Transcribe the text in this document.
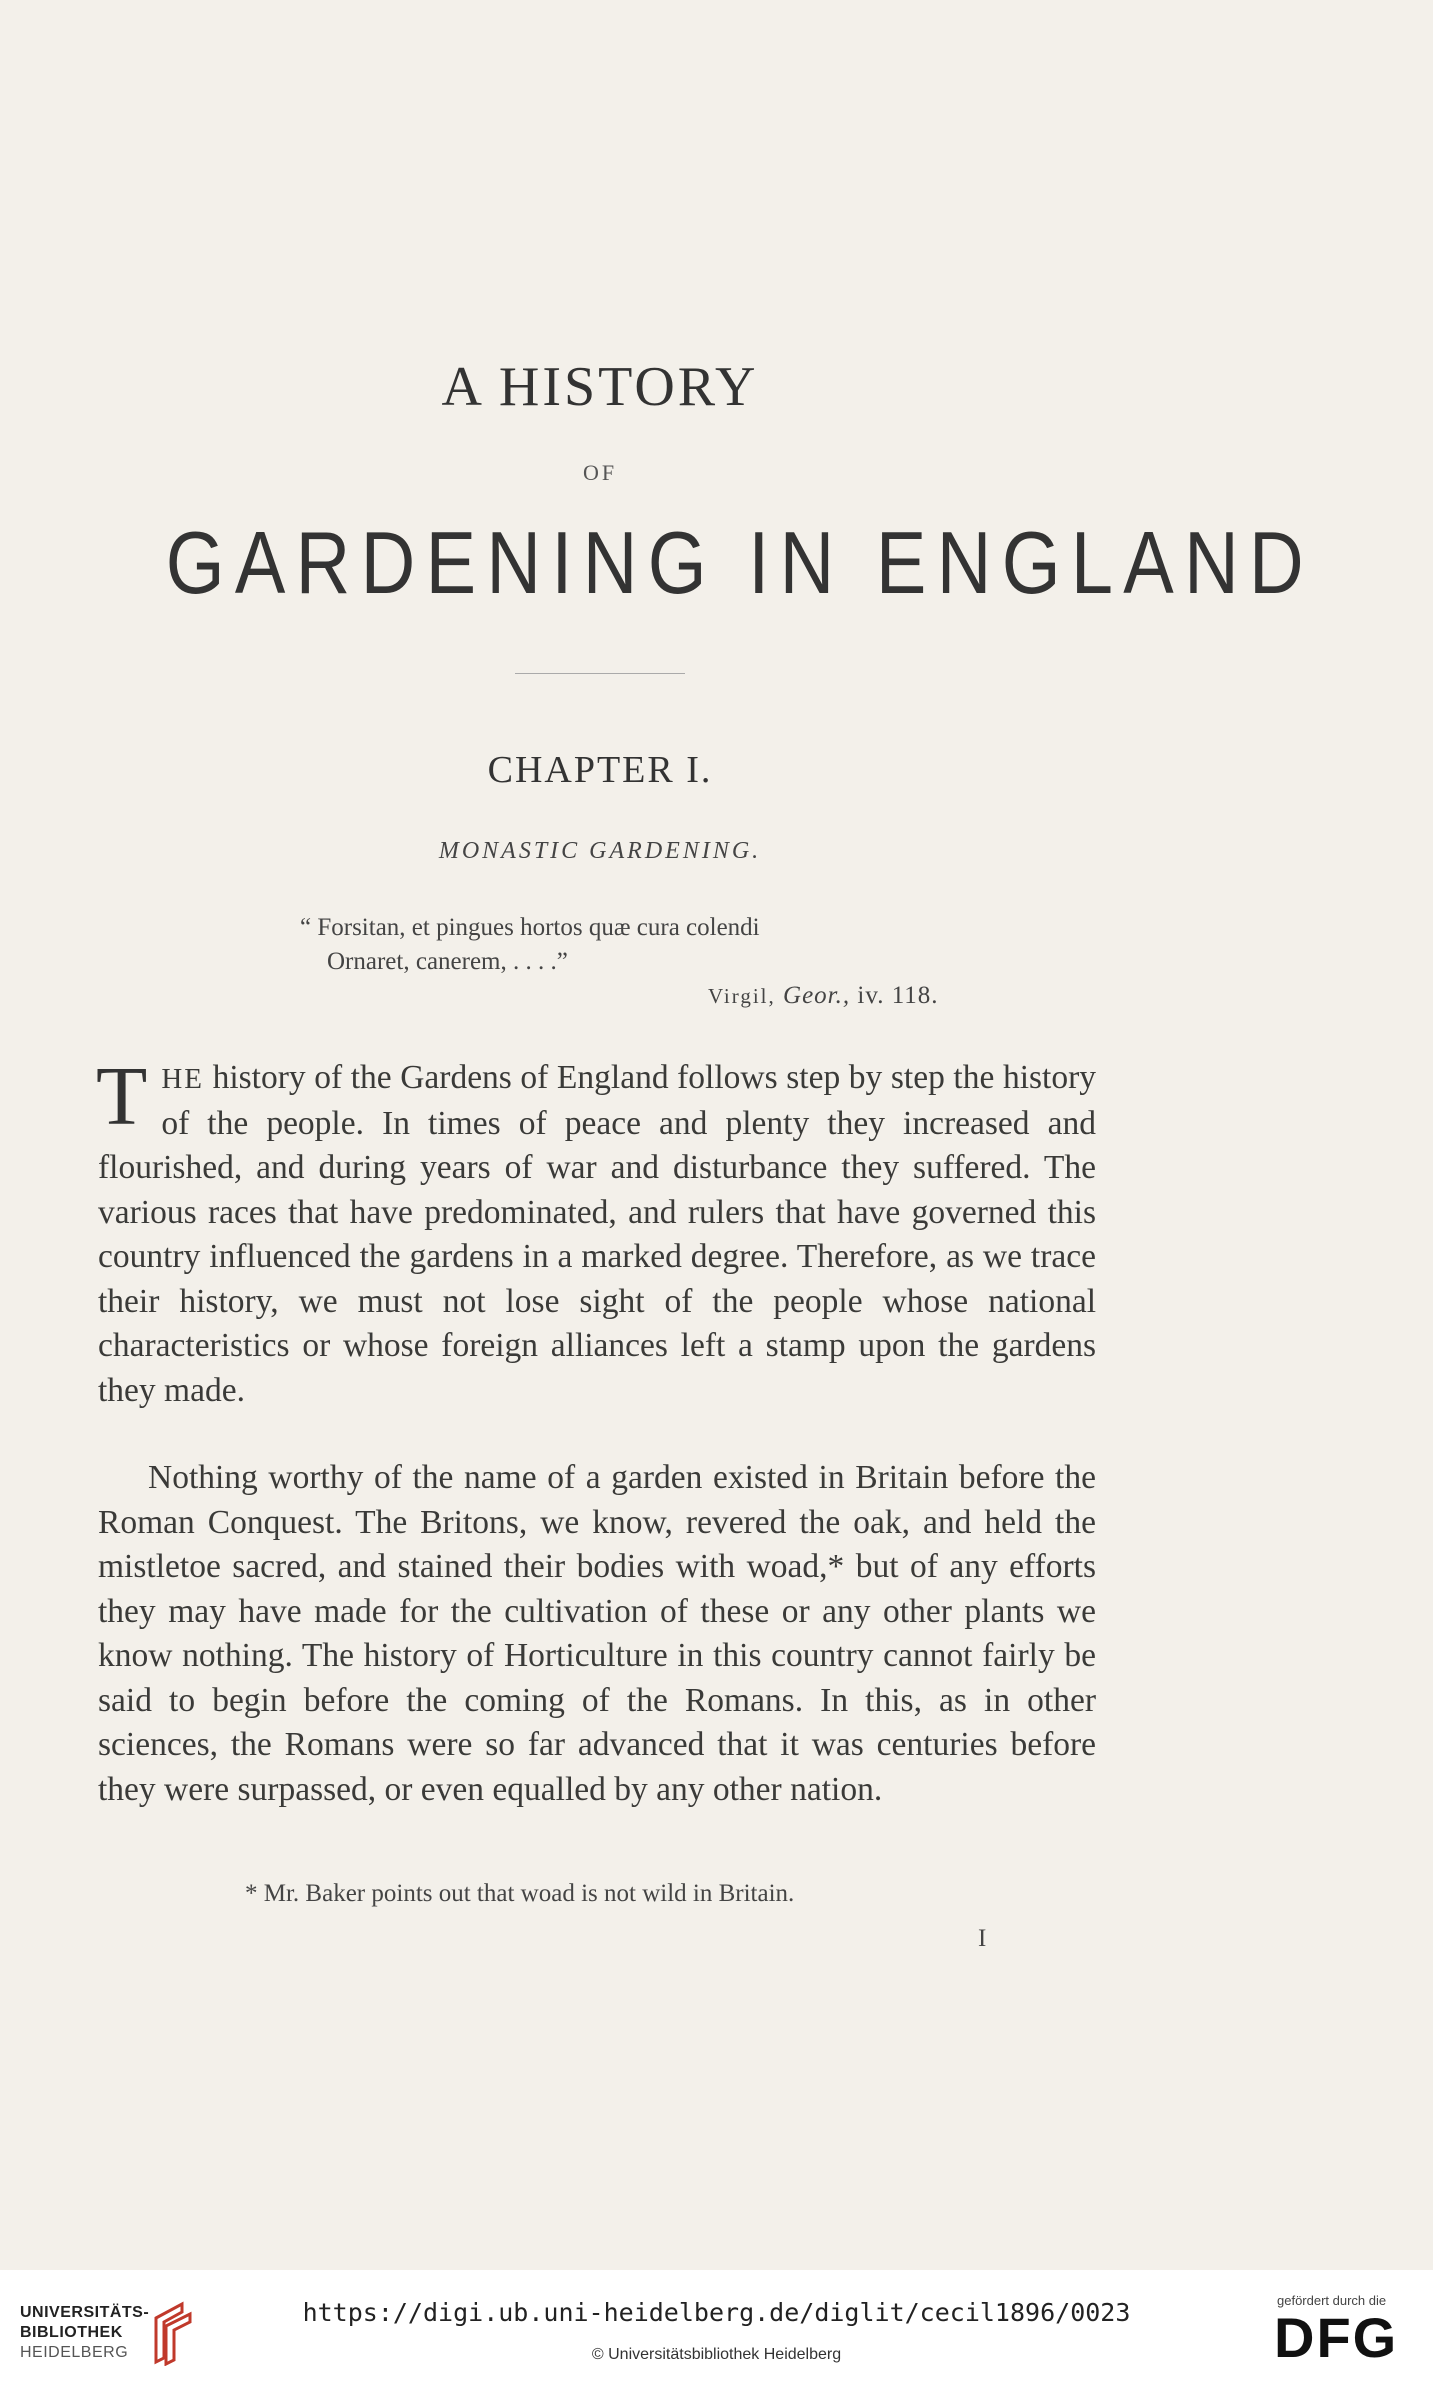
A HISTORY
OF
GARDENING IN ENGLAND
CHAPTER I.
MONASTIC GARDENING.
“ Forsitan, et pingues hortos quæ cura colendi
Ornaret, canerem, . . . .”
Virgil, Geor., iv. 118.

THE history of the Gardens of England follows step by step the history of the people. In times of peace and plenty they increased and flourished, and during years of war and disturbance they suffered. The various races that have predominated, and rulers that have governed this country influenced the gardens in a marked degree. Therefore, as we trace their history, we must not lose sight of the people whose national characteristics or whose foreign alliances left a stamp upon the gardens they made.

Nothing worthy of the name of a garden existed in Britain before the Roman Conquest. The Britons, we know, revered the oak, and held the mistletoe sacred, and stained their bodies with woad,* but of any efforts they may have made for the cultivation of these or any other plants we know nothing. The history of Horticulture in this country cannot fairly be said to begin before the coming of the Romans. In this, as in other sciences, the Romans were so far advanced that it was centuries before they were surpassed, or even equalled by any other nation.

* Mr. Baker points out that woad is not wild in Britain.
I
UNIVERSITÄTS-
BIBLIOTHEK
HEIDELBERG
https://digi.ub.uni-heidelberg.de/diglit/cecil1896/0023
© Universitätsbibliothek Heidelberg
gefördert durch die
DFG
